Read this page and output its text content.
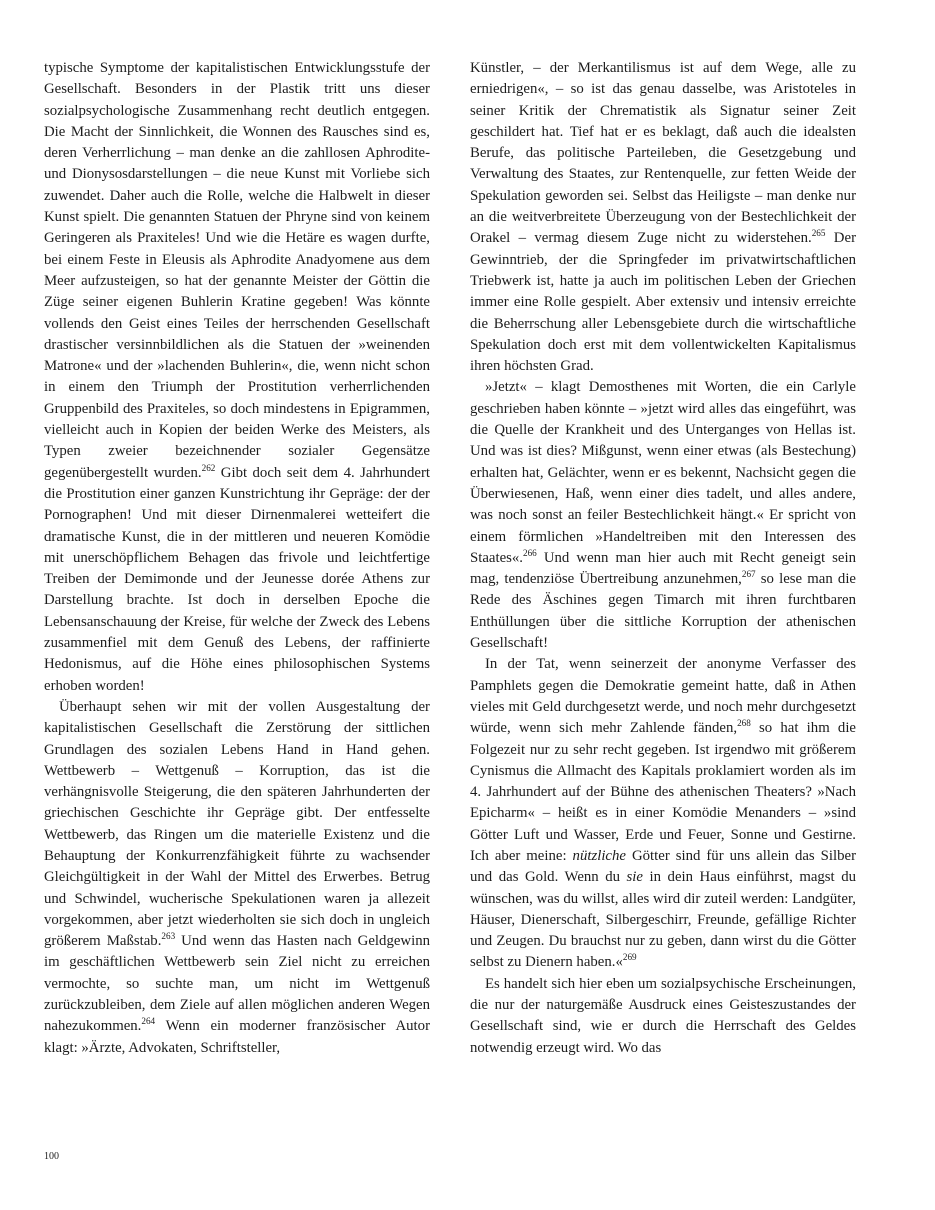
typische Symptome der kapitalistischen Entwicklungsstufe der Gesellschaft. Besonders in der Plastik tritt uns dieser sozialpsychologische Zusammenhang recht deutlich entgegen. Die Macht der Sinnlichkeit, die Wonnen des Rausches sind es, deren Verherrlichung – man denke an die zahllosen Aphrodite- und Dionysosdarstellungen – die neue Kunst mit Vorliebe sich zuwendet. Daher auch die Rolle, welche die Halbwelt in dieser Kunst spielt. Die genannten Statuen der Phryne sind von keinem Geringeren als Praxiteles! Und wie die Hetäre es wagen durfte, bei einem Feste in Eleusis als Aphrodite Anadyomene aus dem Meer aufzusteigen, so hat der genannte Meister der Göttin die Züge seiner eigenen Buhlerin Kratine gegeben! Was könnte vollends den Geist eines Teiles der herrschenden Gesellschaft drastischer versinnbildlichen als die Statuen der »weinenden Matrone« und der »lachenden Buhlerin«, die, wenn nicht schon in einem den Triumph der Prostitution verherrlichenden Gruppenbild des Praxiteles, so doch mindestens in Epigrammen, vielleicht auch in Kopien der beiden Werke des Meisters, als Typen zweier bezeichnender sozialer Gegensätze gegenübergestellt wurden.$^{262}$ Gibt doch seit dem 4. Jahrhundert die Prostitution einer ganzen Kunstrichtung ihr Gepräge: der der Pornographen! Und mit dieser Dirnenmalerei wetteifert die dramatische Kunst, die in der mittleren und neueren Komödie mit unerschöpflichem Behagen das frivole und leichtfertige Treiben der Demimonde und der Jeunesse dorée Athens zur Darstellung brachte. Ist doch in derselben Epoche die Lebensanschauung der Kreise, für welche der Zweck des Lebens zusammenfiel mit dem Genuß des Lebens, der raffinierte Hedonismus, auf die Höhe eines philosophischen Systems erhoben worden!

Überhaupt sehen wir mit der vollen Ausgestaltung der kapitalistischen Gesellschaft die Zerstörung der sittlichen Grundlagen des sozialen Lebens Hand in Hand gehen. Wettbewerb – Wettgenuß – Korruption, das ist die verhängnisvolle Steigerung, die den späteren Jahrhunderten der griechischen Geschichte ihr Gepräge gibt. Der entfesselte Wettbewerb, das Ringen um die materielle Existenz und die Behauptung der Konkurrenzfähigkeit führte zu wachsender Gleichgültigkeit in der Wahl der Mittel des Erwerbes. Betrug und Schwindel, wucherische Spekulationen waren ja allezeit vorgekommen, aber jetzt wiederholten sie sich doch in ungleich größerem Maßstab.$^{263}$ Und wenn das Hasten nach Geldgewinn im geschäftlichen Wettbewerb sein Ziel nicht zu erreichen vermochte, so suchte man, um nicht im Wettgenuß zurückzubleiben, dem Ziele auf allen möglichen anderen Wegen nahezukommen.$^{264}$ Wenn ein moderner französischer Autor klagt: »Ärzte, Advokaten, Schriftsteller,

Künstler, – der Merkantilismus ist auf dem Wege, alle zu erniedrigen«, – so ist das genau dasselbe, was Aristoteles in seiner Kritik der Chrematistik als Signatur seiner Zeit geschildert hat. Tief hat er es beklagt, daß auch die idealsten Berufe, das politische Parteileben, die Gesetzgebung und Verwaltung des Staates, zur Rentenquelle, zur fetten Weide der Spekulation geworden sei. Selbst das Heiligste – man denke nur an die weitverbreitete Überzeugung von der Bestechlichkeit der Orakel – vermag diesem Zuge nicht zu widerstehen.$^{265}$ Der Gewinntrieb, der die Springfeder im privatwirtschaftlichen Triebwerk ist, hatte ja auch im politischen Leben der Griechen immer eine Rolle gespielt. Aber extensiv und intensiv erreichte die Beherrschung aller Lebensgebiete durch die wirtschaftliche Spekulation doch erst mit dem vollentwickelten Kapitalismus ihren höchsten Grad.

»Jetzt« – klagt Demosthenes mit Worten, die ein Carlyle geschrieben haben könnte – »jetzt wird alles das eingeführt, was die Quelle der Krankheit und des Unterganges von Hellas ist. Und was ist dies? Mißgunst, wenn einer etwas (als Bestechung) erhalten hat, Gelächter, wenn er es bekennt, Nachsicht gegen die Überwiesenen, Haß, wenn einer dies tadelt, und alles andere, was noch sonst an feiler Bestechlichkeit hängt.« Er spricht von einem förmlichen »Handeltreiben mit den Interessen des Staates«.$^{266}$ Und wenn man hier auch mit Recht geneigt sein mag, tendenziöse Übertreibung anzunehmen,$^{267}$ so lese man die Rede des Äschines gegen Timarch mit ihren furchtbaren Enthüllungen über die sittliche Korruption der athenischen Gesellschaft!

In der Tat, wenn seinerzeit der anonyme Verfasser des Pamphlets gegen die Demokratie gemeint hatte, daß in Athen vieles mit Geld durchgesetzt werde, und noch mehr durchgesetzt würde, wenn sich mehr Zahlende fänden,$^{268}$ so hat ihm die Folgezeit nur zu sehr recht gegeben. Ist irgendwo mit größerem Cynismus die Allmacht des Kapitals proklamiert worden als im 4. Jahrhundert auf der Bühne des athenischen Theaters? »Nach Epicharm« – heißt es in einer Komödie Menanders – »sind Götter Luft und Wasser, Erde und Feuer, Sonne und Gestirne. Ich aber meine: nützliche Götter sind für uns allein das Silber und das Gold. Wenn du sie in dein Haus einführst, magst du wünschen, was du willst, alles wird dir zuteil werden: Landgüter, Häuser, Dienerschaft, Silbergeschirr, Freunde, gefällige Richter und Zeugen. Du brauchst nur zu geben, dann wirst du die Götter selbst zu Dienern haben.«$^{269}$

Es handelt sich hier eben um sozialpsychische Erscheinungen, die nur der naturgemäße Ausdruck eines Geisteszustandes der Gesellschaft sind, wie er durch die Herrschaft des Geldes notwendig erzeugt wird. Wo das

100
